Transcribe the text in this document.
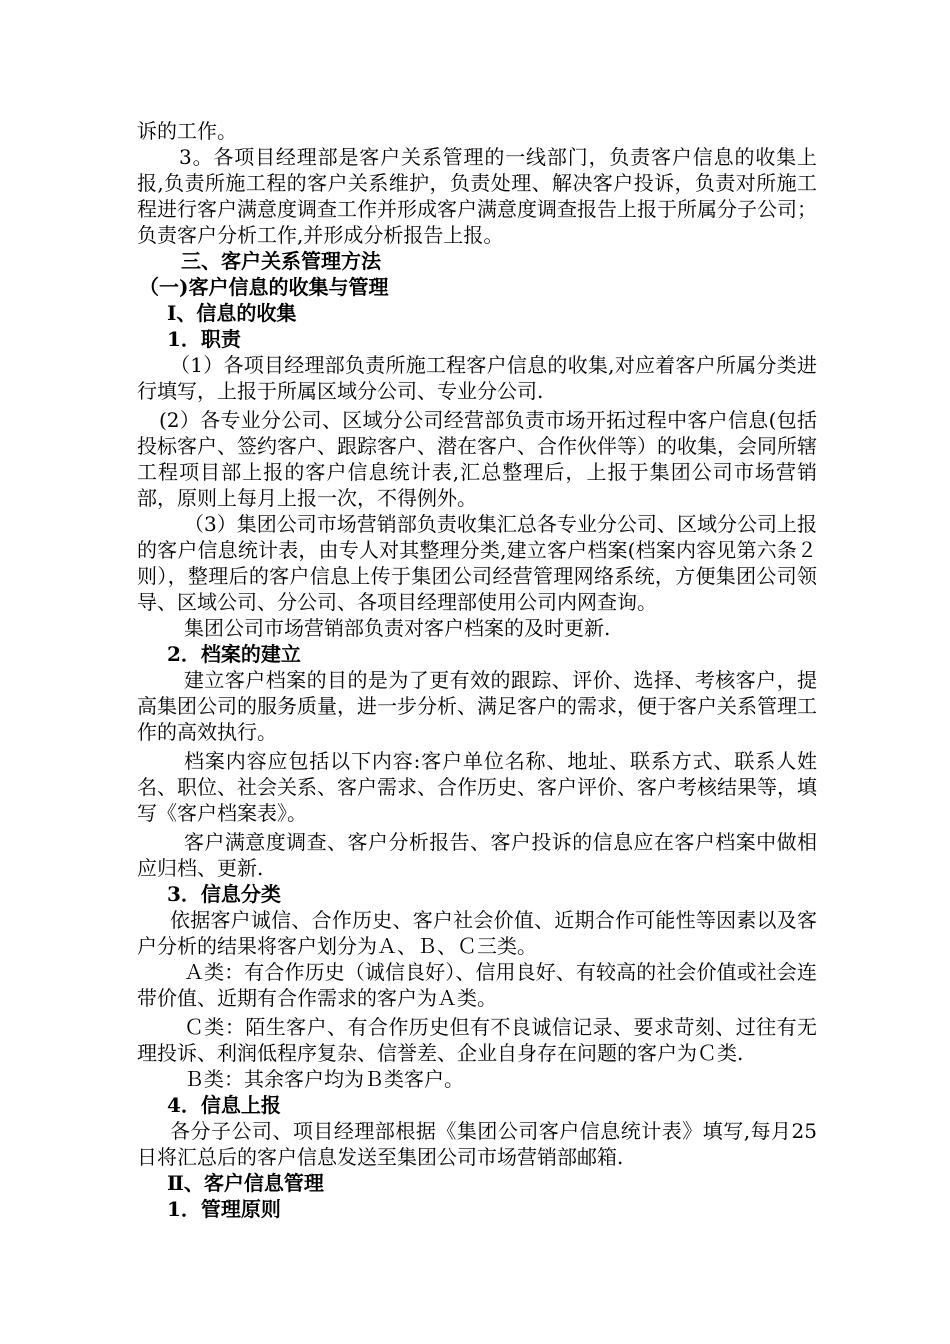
诉的工作。

3。各项目经理部是客户关系管理的一线部门，负责客户信息的收集上报,负责所施工程的客户关系维护，负责处理、解决客户投诉，负责对所施工程进行客户满意度调查工作并形成客户满意度调查报告上报于所属分子公司；负责客户分析工作,并形成分析报告上报。

三、客户关系管理方法

（一)客户信息的收集与管理

Ⅰ、信息的收集

1．职责

（1）各项目经理部负责所施工程客户信息的收集,对应着客户所属分类进行填写，上报于所属区域分公司、专业分公司.

(2）各专业分公司、区域分公司经营部负责市场开拓过程中客户信息(包括投标客户、签约客户、跟踪客户、潜在客户、合作伙伴等）的收集，会同所辖工程项目部上报的客户信息统计表,汇总整理后，上报于集团公司市场营销部，原则上每月上报一次，不得例外。

（3）集团公司市场营销部负责收集汇总各专业分公司、区域分公司上报的客户信息统计表，由专人对其整理分类,建立客户档案(档案内容见第六条２则），整理后的客户信息上传于集团公司经营管理网络系统，方便集团公司领导、区域公司、分公司、各项目经理部使用公司内网查询。

集团公司市场营销部负责对客户档案的及时更新.

2．档案的建立

建立客户档案的目的是为了更有效的跟踪、评价、选择、考核客户，提高集团公司的服务质量，进一步分析、满足客户的需求，便于客户关系管理工作的高效执行。

档案内容应包括以下内容:客户单位名称、地址、联系方式、联系人姓名、职位、社会关系、客户需求、合作历史、客户评价、客户考核结果等，填写《客户档案表》。

客户满意度调查、客户分析报告、客户投诉的信息应在客户档案中做相应归档、更新.

3．信息分类

依据客户诚信、合作历史、客户社会价值、近期合作可能性等因素以及客户分析的结果将客户划分为Ａ、Ｂ、Ｃ三类。

Ａ类：有合作历史（诚信良好）、信用良好、有较高的社会价值或社会连带价值、近期有合作需求的客户为Ａ类。

Ｃ类：陌生客户、有合作历史但有不良诚信记录、要求苛刻、过往有无理投诉、利润低程序复杂、信誉差、企业自身存在问题的客户为Ｃ类.

Ｂ类：其余客户均为Ｂ类客户。

4．信息上报

各分子公司、项目经理部根据《集团公司客户信息统计表》填写,每月25日将汇总后的客户信息发送至集团公司市场营销部邮箱.

Ⅱ、客户信息管理

1．管理原则
